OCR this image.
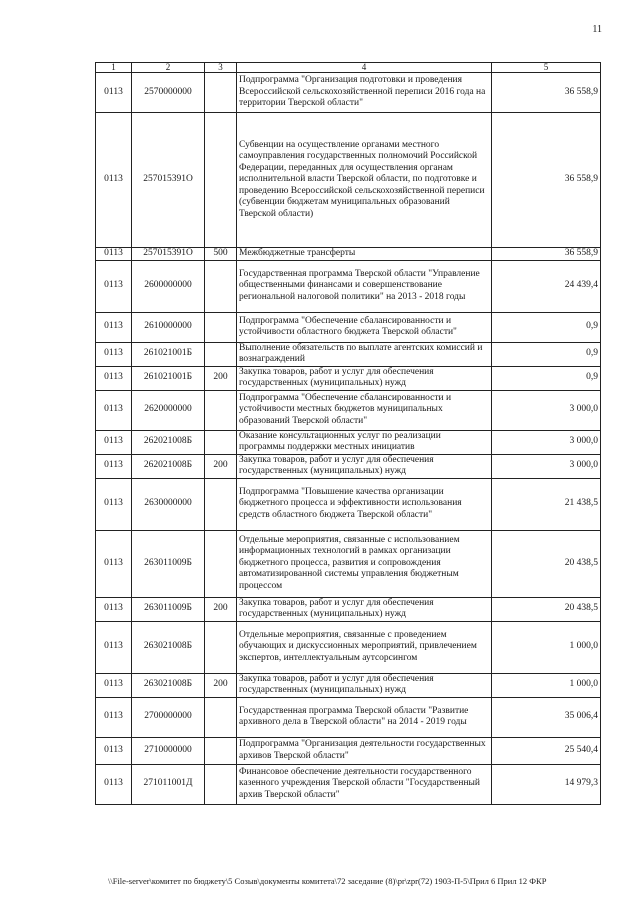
11
1	2	3	4	5
0113	2570000000		Подпрограмма "Организация подготовки и проведения Всероссийской сельскохозяйственной переписи 2016 года на территории Тверской области"	36 558,9
0113	257015391О		Субвенции на осуществление органами местного самоуправления государственных полномочий Российской Федерации, переданных для осуществления органам исполнительной власти Тверской области, по подготовке и проведению Всероссийской сельскохозяйственной переписи (субвенции бюджетам муниципальных образований Тверской области)	36 558,9
0113	257015391О	500	Межбюджетные трансферты	36 558,9
0113	2600000000		Государственная программа Тверской области "Управление общественными финансами и совершенствование региональной налоговой политики" на 2013 - 2018 годы	24 439,4
0113	2610000000		Подпрограмма "Обеспечение сбалансированности и устойчивости областного бюджета Тверской области"	0,9
0113	261021001Б		Выполнение обязательств по выплате агентских комиссий и вознаграждений	0,9
0113	261021001Б	200	Закупка товаров, работ и услуг для обеспечения государственных (муниципальных) нужд	0,9
0113	2620000000		Подпрограмма "Обеспечение сбалансированности и устойчивости местных бюджетов муниципальных образований Тверской области"	3 000,0
0113	262021008Б		Оказание консультационных услуг по реализации программы поддержки местных инициатив	3 000,0
0113	262021008Б	200	Закупка товаров, работ и услуг для обеспечения государственных (муниципальных) нужд	3 000,0
0113	2630000000		Подпрограмма "Повышение качества организации бюджетного процесса и эффективности использования средств областного бюджета Тверской области"	21 438,5
0113	263011009Б		Отдельные мероприятия, связанные с использованием информационных технологий в рамках организации бюджетного процесса, развития и сопровождения автоматизированной системы управления бюджетным процессом	20 438,5
0113	263011009Б	200	Закупка товаров, работ и услуг для обеспечения государственных (муниципальных) нужд	20 438,5
0113	263021008Б		Отдельные мероприятия, связанные с проведением обучающих и дискуссионных мероприятий, привлечением экспертов, интеллектуальным аутсорсингом	1 000,0
0113	263021008Б	200	Закупка товаров, работ и услуг для обеспечения государственных (муниципальных) нужд	1 000,0
0113	2700000000		Государственная программа Тверской области "Развитие архивного дела в Тверской области" на 2014 - 2019 годы	35 006,4
0113	2710000000		Подпрограмма "Организация деятельности государственных архивов Тверской области"	25 540,4
0113	271011001Д		Финансовое обеспечение деятельности государственного казенного учреждения Тверской области "Государственный архив Тверской области"	14 979,3
\\File-server\комитет по бюджету\5 Созыв\документы комитета\72 заседание (8)\pr\zpr(72) 1903-П-5\Прил 6 Прил 12 ФКР
